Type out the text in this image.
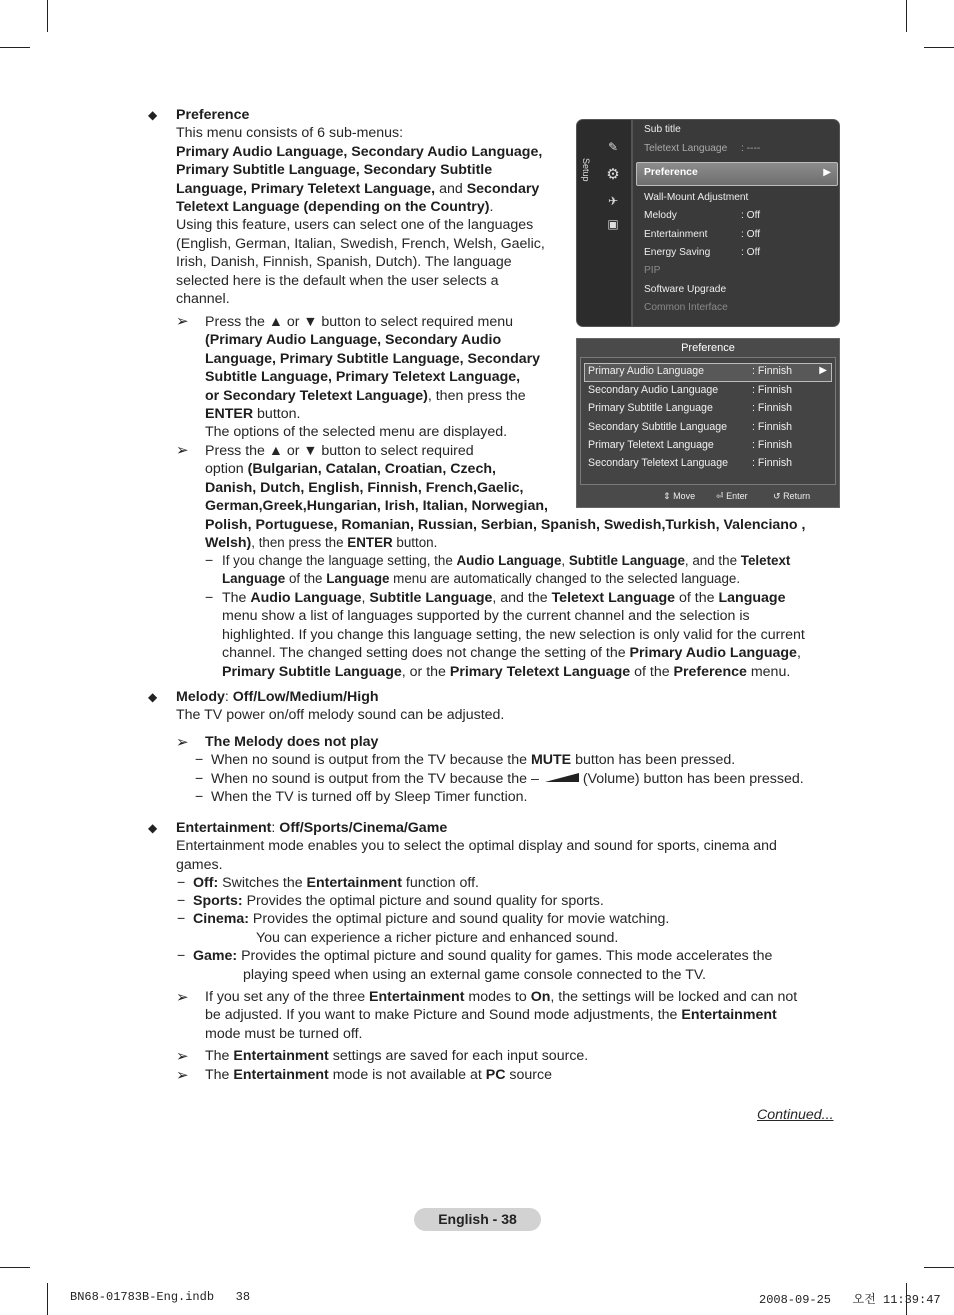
◆ Preference
This menu consists of 6 sub-menus:
Primary Audio Language, Secondary Audio Language,
Primary Subtitle Language, Secondary Subtitle
Language, Primary Teletext Language, and Secondary
Teletext Language (depending on the Country).
Using this feature, users can select one of the languages
(English, German, Italian, Swedish, French, Welsh, Gaelic,
Irish, Danish, Finnish, Spanish, Dutch). The language
selected here is the default when the user selects a
channel.
➢ Press the ▲ or ▼ button to select required menu
(Primary Audio Language, Secondary Audio
Language, Primary Subtitle Language, Secondary
Subtitle Language, Primary Teletext Language,
or Secondary Teletext Language), then press the
ENTER button.
The options of the selected menu are displayed.
➢ Press the ▲ or ▼ button to select required
option (Bulgarian, Catalan, Croatian, Czech,
Danish, Dutch, English, Finnish, French,Gaelic,
German,Greek,Hungarian, Irish, Italian, Norwegian,
Polish, Portuguese, Romanian, Russian, Serbian, Spanish, Swedish,Turkish, Valenciano ,
Welsh), then press the ENTER button.
− If you change the language setting, the Audio Language, Subtitle Language, and the Teletext
Language of the Language menu are automatically changed to the selected language.
− The Audio Language, Subtitle Language, and the Teletext Language of the Language
menu show a list of languages supported by the current channel and the selection is
highlighted. If you change this language setting, the new selection is only valid for the current
channel. The changed setting does not change the setting of the Primary Audio Language,
Primary Subtitle Language, or the Primary Teletext Language of the Preference menu.
◆ Melody: Off/Low/Medium/High
The TV power on/off melody sound can be adjusted.
➢ The Melody does not play
− When no sound is output from the TV because the MUTE button has been pressed.
− When no sound is output from the TV because the –	(Volume) button has been pressed.
− When the TV is turned off by Sleep Timer function.
◆ Entertainment: Off/Sports/Cinema/Game
Entertainment mode enables you to select the optimal display and sound for sports, cinema and
games.
− Off: Switches the Entertainment function off.
− Sports: Provides the optimal picture and sound quality for sports.
− Cinema: Provides the optimal picture and sound quality for movie watching.
You can experience a richer picture and enhanced sound.
− Game: Provides the optimal picture and sound quality for games. This mode accelerates the
playing speed when using an external game console connected to the TV.
➢ If you set any of the three Entertainment modes to On, the settings will be locked and can not
be adjusted. If you want to make Picture and Sound mode adjustments, the Entertainment
mode must be turned off.
➢ The Entertainment settings are saved for each input source.
➢ The Entertainment mode is not available at PC source
Continued...
Setup
✎
⚙
✈
▣
Preference	▶
Sub title
Teletext Language : ----
Wall-Mount Adjustment
Melody	: Off
Entertainment	: Off
Energy Saving	: Off
PIP
Software Upgrade
Common Interface
Preference
▶
Primary Audio Language	: Finnish
Secondary Audio Language	: Finnish
Primary Subtitle Language	: Finnish
Secondary Subtitle Language : Finnish
Primary Teletext Language	: Finnish
Secondary Teletext Language : Finnish
⇕ Move ⏎ Enter	↺ Return
English - 38
BN68-01783B-Eng.indb   38	2008-09-25   오전 11:39:47
